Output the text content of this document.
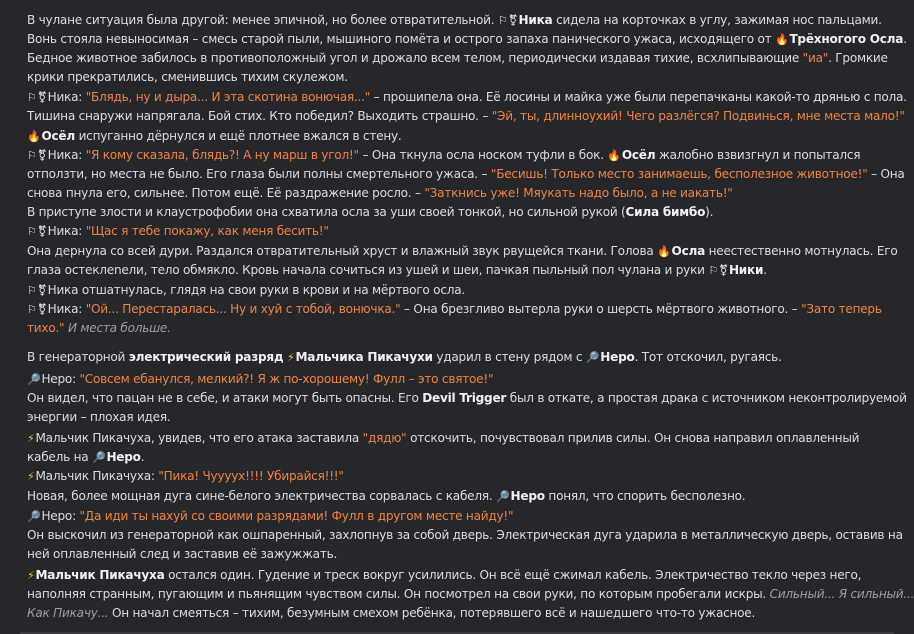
В чулане ситуация была другой: менее эпичной, но более отвратительной. ⚐⚧Ника сидела на корточках в углу, зажимая нос пальцами.
Вонь стояла невыносимая – смесь старой пыли, мышиного помёта и острого запаха панического ужаса, исходящего от 🔥Трёхногого Осла.
Бедное животное забилось в противоположный угол и дрожало всем телом, периодически издавая тихие, всхлипывающие "иа". Громкие
крики прекратились, сменившись тихим скулежом.
⚐⚧Ника: "Блядь, ну и дыра... И эта скотина вонючая..." – прошипела она. Её лосины и майка уже были перепачканы какой-то дрянью с пола.
Тишина снаружи напрягала. Бой стих. Кто победил? Выходить страшно. – "Эй, ты, длинноухий! Чего разлёгся? Подвинься, мне места мало!"
🔥Осёл испуганно дёрнулся и ещё плотнее вжался в стену.
⚐⚧Ника: "Я кому сказала, блядь?! А ну марш в угол!" – Она ткнула осла носком туфли в бок. 🔥Осёл жалобно взвизгнул и попытался
отползти, но места не было. Его глаза были полны смертельного ужаса. – "Бесишь! Только место занимаешь, бесполезное животное!" – Она
снова пнула его, сильнее. Потом ещё. Её раздражение росло. – "Заткнись уже! Мяукать надо было, а не иакать!"
В приступе злости и клаустрофобии она схватила осла за уши своей тонкой, но сильной рукой (Сила бимбо).
⚐⚧Ника: "Щас я тебе покажу, как меня бесить!"
Она дернула со всей дури. Раздался отвратительный хруст и влажный звук рвущейся ткани. Голова 🔥Осла неестественно мотнулась. Его
глаза остеклenели, тело обмякло. Кровь начала сочиться из ушей и шеи, пачкая пыльный пол чулана и руки ⚐⚧Ники.
⚐⚧Ника отшатнулась, глядя на свои руки в крови и на мёртвого осла.
⚐⚧Ника: "Ой... Перестаралась... Ну и хуй с тобой, вонючка." – Она брезгливо вытерла руки о шерсть мёртвого животного. – "Зато теперь
тихо." И места больше.
В генераторной электрический разряд ⚡Мальчика Пикачухи ударил в стену рядом с 🔎Неро. Тот отскочил, ругаясь.
🔎Неро: "Совсем ебанулся, мелкий?! Я ж по-хорошему! Фулл – это святое!"
Он видел, что пацан не в себе, и атаки могут быть опасны. Его Devil Trigger был в откате, а простая драка с источником неконтролируемой
энергии – плохая идея.
⚡Мальчик Пикачуха, увидев, что его атака заставила "дядю" отскочить, почувствовал прилив силы. Он снова направил оплавленный
кабель на 🔎Неро.
⚡Мальчик Пикачуха: "Пика! Чуууух!!!! Убирайся!!!"
Новая, более мощная дуга сине-белого электричества сорвалась с кабеля. 🔎Неро понял, что спорить бесполезно.
🔎Неро: "Да иди ты нахуй со своими разрядами! Фулл в другом месте найду!"
Он выскочил из генераторной как ошпаренный, захлопнув за собой дверь. Электрическая дуга ударила в металлическую дверь, оставив на
ней оплавленный след и заставив её зажужжать.
⚡Мальчик Пикачуха остался один. Гудение и треск вокруг усилились. Он всё ещё сжимал кабель. Электричество текло через него,
наполняя странным, пугающим и пьянящим чувством силы. Он посмотрел на свои руки, по которым пробегали искры. Сильный... Я сильный...
Как Пикачу... Он начал смеяться – тихим, безумным смехом ребёнка, потерявшего всё и нашедшего что-то ужасное.
